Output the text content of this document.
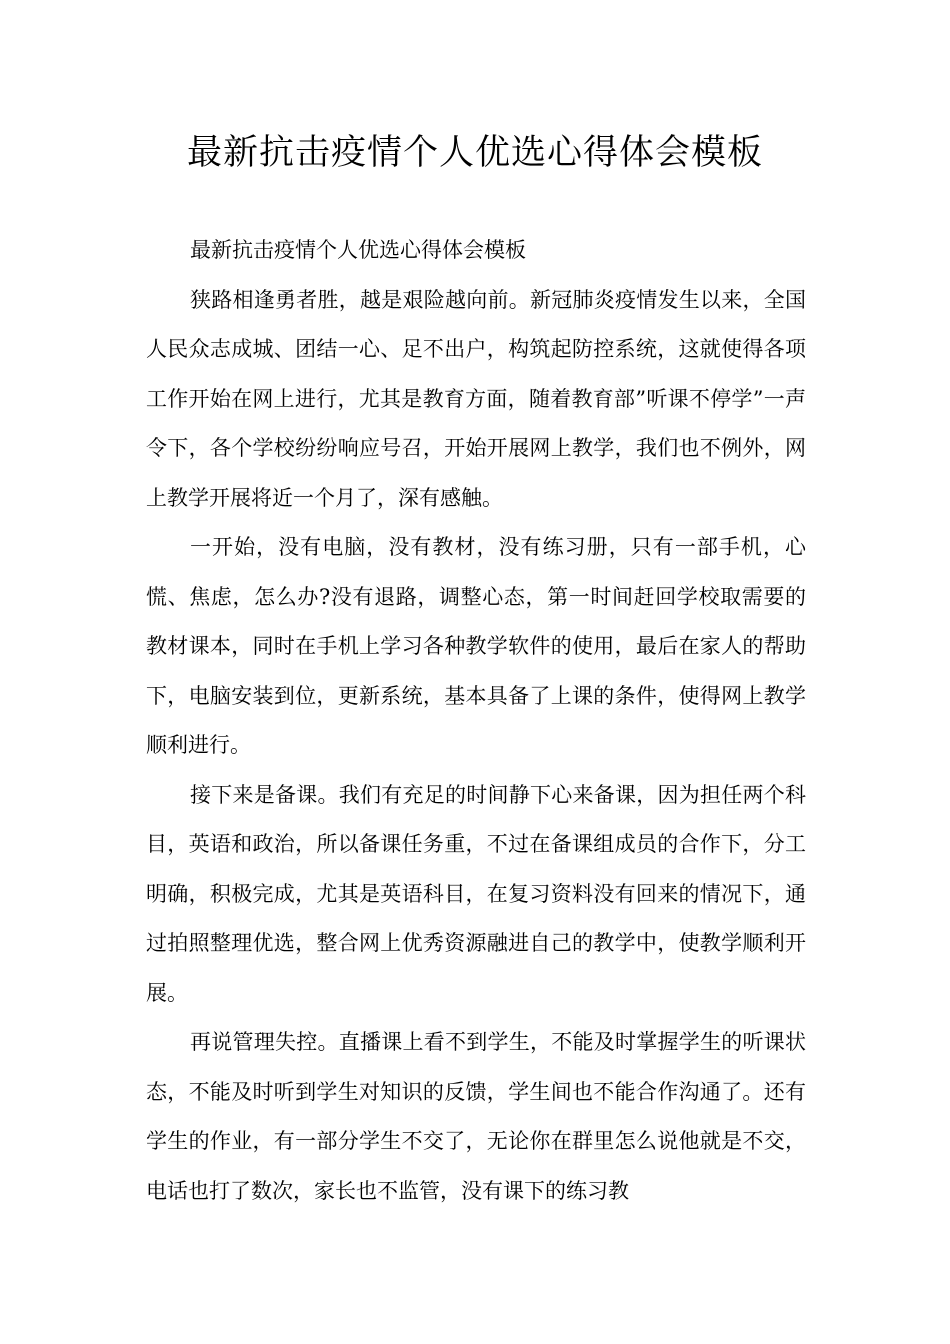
最新抗击疫情个人优选心得体会模板

最新抗击疫情个人优选心得体会模板

狭路相逢勇者胜，越是艰险越向前。新冠肺炎疫情发生以来，全国人民众志成城、团结一心、足不出户，构筑起防控系统，这就使得各项工作开始在网上进行，尤其是教育方面，随着教育部”听课不停学”一声令下，各个学校纷纷响应号召，开始开展网上教学，我们也不例外，网上教学开展将近一个月了，深有感触。

一开始，没有电脑，没有教材，没有练习册，只有一部手机，心慌、焦虑，怎么办?没有退路，调整心态，第一时间赶回学校取需要的教材课本，同时在手机上学习各种教学软件的使用，最后在家人的帮助下，电脑安装到位，更新系统，基本具备了上课的条件，使得网上教学顺利进行。

接下来是备课。我们有充足的时间静下心来备课，因为担任两个科目，英语和政治，所以备课任务重，不过在备课组成员的合作下，分工明确，积极完成，尤其是英语科目，在复习资料没有回来的情况下，通过拍照整理优选，整合网上优秀资源融进自己的教学中，使教学顺利开展。

再说管理失控。直播课上看不到学生，不能及时掌握学生的听课状态，不能及时听到学生对知识的反馈，学生间也不能合作沟通了。还有学生的作业，有一部分学生不交了，无论你在群里怎么说他就是不交，电话也打了数次，家长也不监管，没有课下的练习教
